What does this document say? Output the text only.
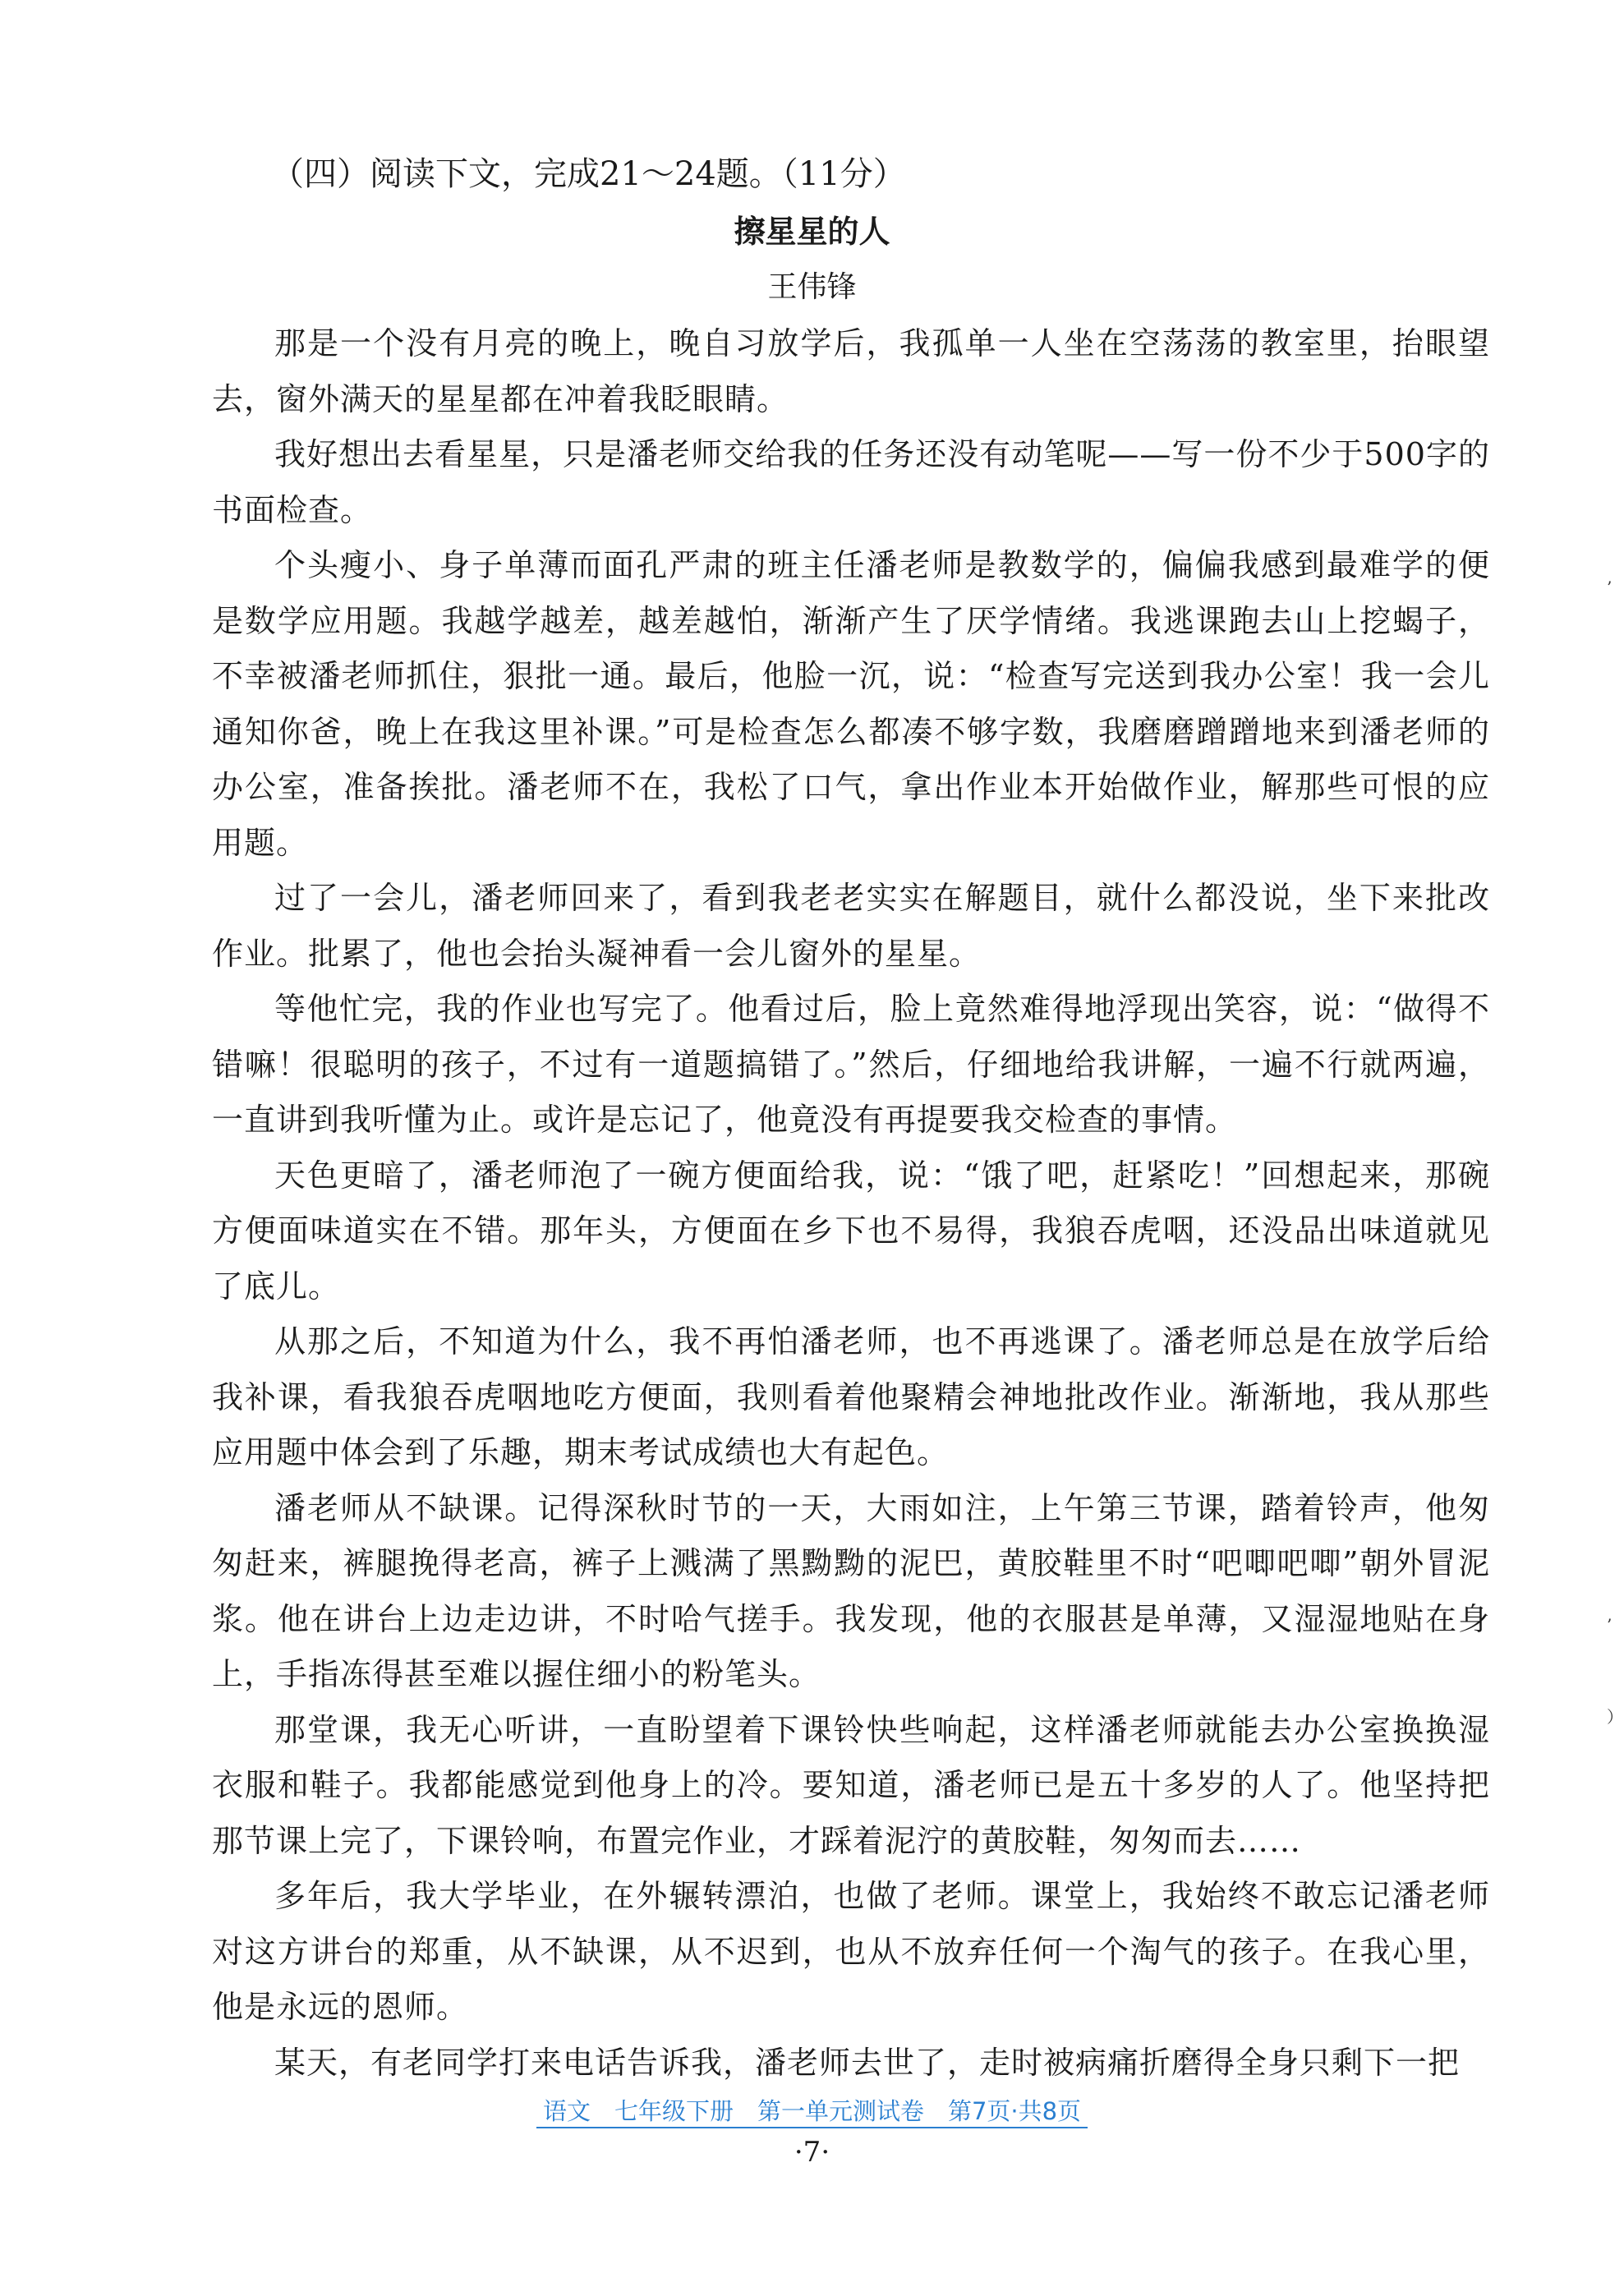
（四）阅读下文，完成21～24题。（11分）
擦星星的人
王伟锋

那是一个没有月亮的晚上，晚自习放学后，我孤单一人坐在空荡荡的教室里，抬眼望去，窗外满天的星星都在冲着我眨眼睛。

我好想出去看星星，只是潘老师交给我的任务还没有动笔呢——写一份不少于500字的书面检查。

个头瘦小、身子单薄而面孔严肃的班主任潘老师是教数学的，偏偏我感到最难学的便是数学应用题。我越学越差，越差越怕，渐渐产生了厌学情绪。我逃课跑去山上挖蝎子，不幸被潘老师抓住，狠批一通。最后，他脸一沉，说：“检查写完送到我办公室！我一会儿通知你爸，晚上在我这里补课。”可是检查怎么都凑不够字数，我磨磨蹭蹭地来到潘老师的办公室，准备挨批。潘老师不在，我松了口气，拿出作业本开始做作业，解那些可恨的应用题。

过了一会儿，潘老师回来了，看到我老老实实在解题目，就什么都没说，坐下来批改作业。批累了，他也会抬头凝神看一会儿窗外的星星。

等他忙完，我的作业也写完了。他看过后，脸上竟然难得地浮现出笑容，说：“做得不错嘛！很聪明的孩子，不过有一道题搞错了。”然后，仔细地给我讲解，一遍不行就两遍，一直讲到我听懂为止。或许是忘记了，他竟没有再提要我交检查的事情。

天色更暗了，潘老师泡了一碗方便面给我，说：“饿了吧，赶紧吃！”回想起来，那碗方便面味道实在不错。那年头，方便面在乡下也不易得，我狼吞虎咽，还没品出味道就见了底儿。

从那之后，不知道为什么，我不再怕潘老师，也不再逃课了。潘老师总是在放学后给我补课，看我狼吞虎咽地吃方便面，我则看着他聚精会神地批改作业。渐渐地，我从那些应用题中体会到了乐趣，期末考试成绩也大有起色。

潘老师从不缺课。记得深秋时节的一天，大雨如注，上午第三节课，踏着铃声，他匆匆赶来，裤腿挽得老高，裤子上溅满了黑黝黝的泥巴，黄胶鞋里不时“吧唧吧唧”朝外冒泥浆。他在讲台上边走边讲，不时哈气搓手。我发现，他的衣服甚是单薄，又湿湿地贴在身上，手指冻得甚至难以握住细小的粉笔头。

那堂课，我无心听讲，一直盼望着下课铃快些响起，这样潘老师就能去办公室换换湿衣服和鞋子。我都能感觉到他身上的冷。要知道，潘老师已是五十多岁的人了。他坚持把那节课上完了，下课铃响，布置完作业，才踩着泥泞的黄胶鞋，匆匆而去……

多年后，我大学毕业，在外辗转漂泊，也做了老师。课堂上，我始终不敢忘记潘老师对这方讲台的郑重，从不缺课，从不迟到，也从不放弃任何一个淘气的孩子。在我心里，他是永远的恩师。

某天，有老同学打来电话告诉我，潘老师去世了，走时被病痛折磨得全身只剩下一把

’
’
）
语文　七年级下册　第一单元测试卷　第7页·共8页
·7·
